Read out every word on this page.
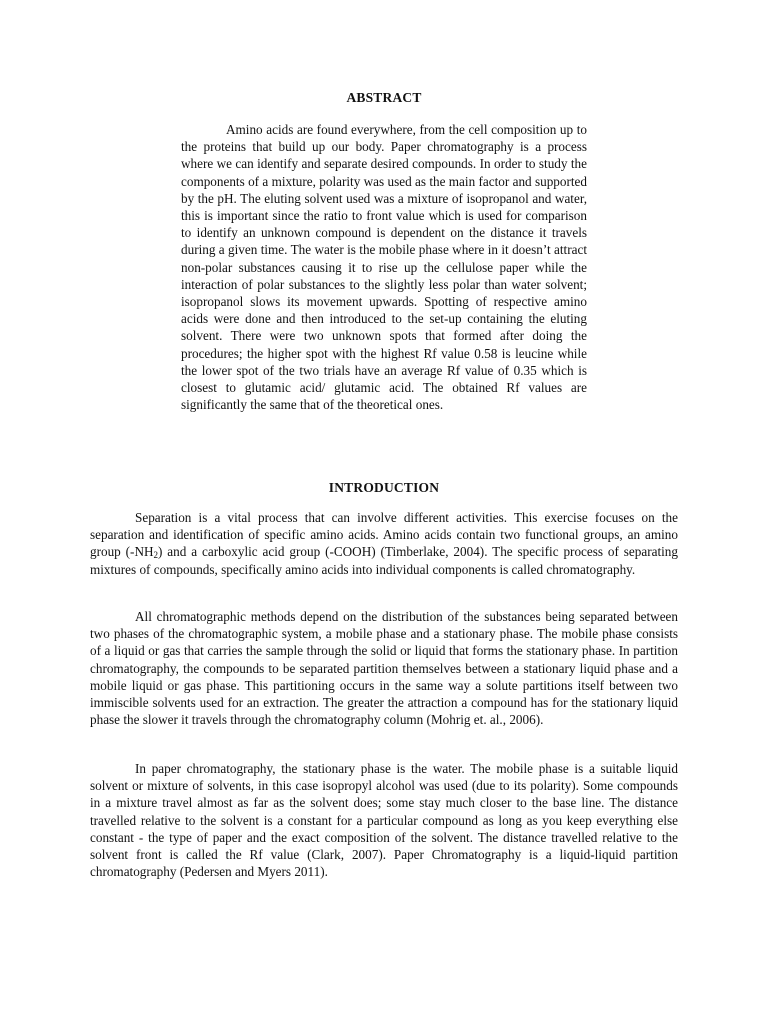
ABSTRACT

Amino acids are found everywhere, from the cell composition up to the proteins that build up our body. Paper chromatography is a process where we can identify and separate desired compounds. In order to study the components of a mixture, polarity was used as the main factor and supported by the pH. The eluting solvent used was a mixture of isopropanol and water, this is important since the ratio to front value which is used for comparison to identify an unknown compound is dependent on the distance it travels during a given time. The water is the mobile phase where in it doesn’t attract non-polar substances causing it to rise up the cellulose paper while the interaction of polar substances to the slightly less polar than water solvent; isopropanol slows its movement upwards. Spotting of respective amino acids were done and then introduced to the set-up containing the eluting solvent. There were two unknown spots that formed after doing the procedures; the higher spot with the highest Rf value 0.58 is leucine while the lower spot of the two trials have an average Rf value of 0.35 which is closest to glutamic acid/ glutamic acid. The obtained Rf values are significantly the same that of the theoretical ones.

INTRODUCTION

Separation is a vital process that can involve different activities. This exercise focuses on the separation and identification of specific amino acids. Amino acids contain two functional groups, an amino group $(-NH_2)$ and a carboxylic acid group (-COOH) (Timberlake, 2004). The specific process of separating mixtures of compounds, specifically amino acids into individual components is called chromatography.

All chromatographic methods depend on the distribution of the substances being separated between two phases of the chromatographic system, a mobile phase and a stationary phase. The mobile phase consists of a liquid or gas that carries the sample through the solid or liquid that forms the stationary phase. In partition chromatography, the compounds to be separated partition themselves between a stationary liquid phase and a mobile liquid or gas phase. This partitioning occurs in the same way a solute partitions itself between two immiscible solvents used for an extraction. The greater the attraction a compound has for the stationary liquid phase the slower it travels through the chromatography column (Mohrig et. al., 2006).

In paper chromatography, the stationary phase is the water. The mobile phase is a suitable liquid solvent or mixture of solvents, in this case isopropyl alcohol was used (due to its polarity). Some compounds in a mixture travel almost as far as the solvent does; some stay much closer to the base line. The distance travelled relative to the solvent is a constant for a particular compound as long as you keep everything else constant - the type of paper and the exact composition of the solvent. The distance travelled relative to the solvent front is called the Rf value (Clark, 2007). Paper Chromatography is a liquid-liquid partition chromatography (Pedersen and Myers 2011).
